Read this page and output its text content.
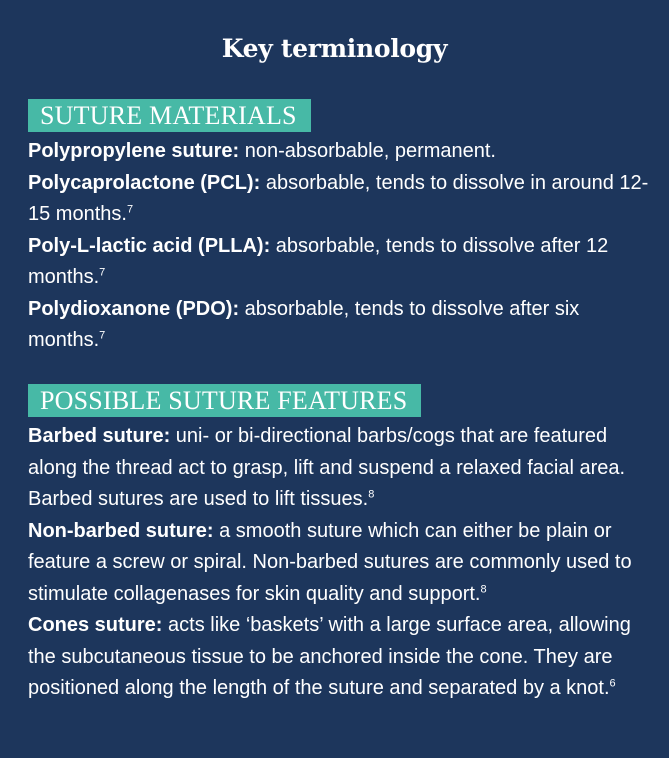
Key terminology
SUTURE MATERIALS
Polypropylene suture: non-absorbable, permanent.
Polycaprolactone (PCL): absorbable, tends to dissolve in around 12-15 months.$^7$
Poly-L-lactic acid (PLLA): absorbable, tends to dissolve after 12 months.$^7$
Polydioxanone (PDO): absorbable, tends to dissolve after six months.$^7$
POSSIBLE SUTURE FEATURES
Barbed suture: uni- or bi-directional barbs/cogs that are featured along the thread act to grasp, lift and suspend a relaxed facial area. Barbed sutures are used to lift tissues.$^8$
Non-barbed suture: a smooth suture which can either be plain or feature a screw or spiral. Non-barbed sutures are commonly used to stimulate collagenases for skin quality and support.$^8$
Cones suture: acts like ‘baskets’ with a large surface area, allowing the subcutaneous tissue to be anchored inside the cone. They are positioned along the length of the suture and separated by a knot.$^6$
